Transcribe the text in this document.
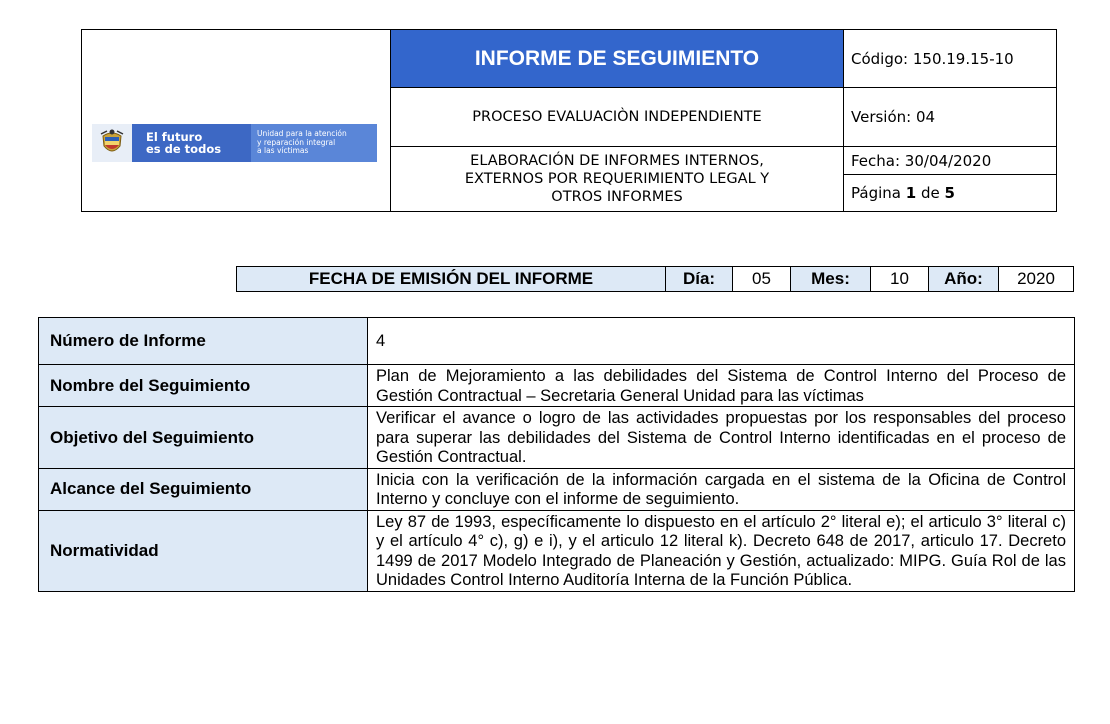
El futuro
es de todos
Unidad para la atención
y reparación integral
a las víctimas	INFORME DE SEGUIMIENTO	Código: 150.19.15-10
	PROCESO EVALUACIÒN INDEPENDIENTE	Versión: 04

	ELABORACIÓN DE INFORMES INTERNOS,
EXTERNOS POR REQUERIMIENTO LEGAL Y
OTROS INFORMES	Fecha: 30/04/2020
		Página 1 de 5
FECHA DE EMISIÓN DEL INFORME	Día:	05	Mes:	10	Año:	2020
Número de Informe	4
Nombre del Seguimiento	Plan de Mejoramiento a las debilidades del Sistema de Control Interno del Proceso de Gestión Contractual – Secretaria General Unidad para las víctimas
Objetivo del Seguimiento	Verificar el avance o logro de las actividades propuestas por los responsables del proceso para superar las debilidades del Sistema de Control Interno identificadas en el proceso de Gestión Contractual.
Alcance del Seguimiento	Inicia con la verificación de la información cargada en el sistema de la Oficina de Control Interno y concluye con el informe de seguimiento.
Normatividad	Ley 87 de 1993, específicamente lo dispuesto en el artículo 2° literal e); el articulo 3° literal c) y el artículo 4° c), g) e i), y el articulo 12 literal k). Decreto 648 de 2017, articulo 17. Decreto 1499 de 2017 Modelo Integrado de Planeación y Gestión, actualizado: MIPG. Guía Rol de las Unidades Control Interno Auditoría Interna de la Función Pública.
